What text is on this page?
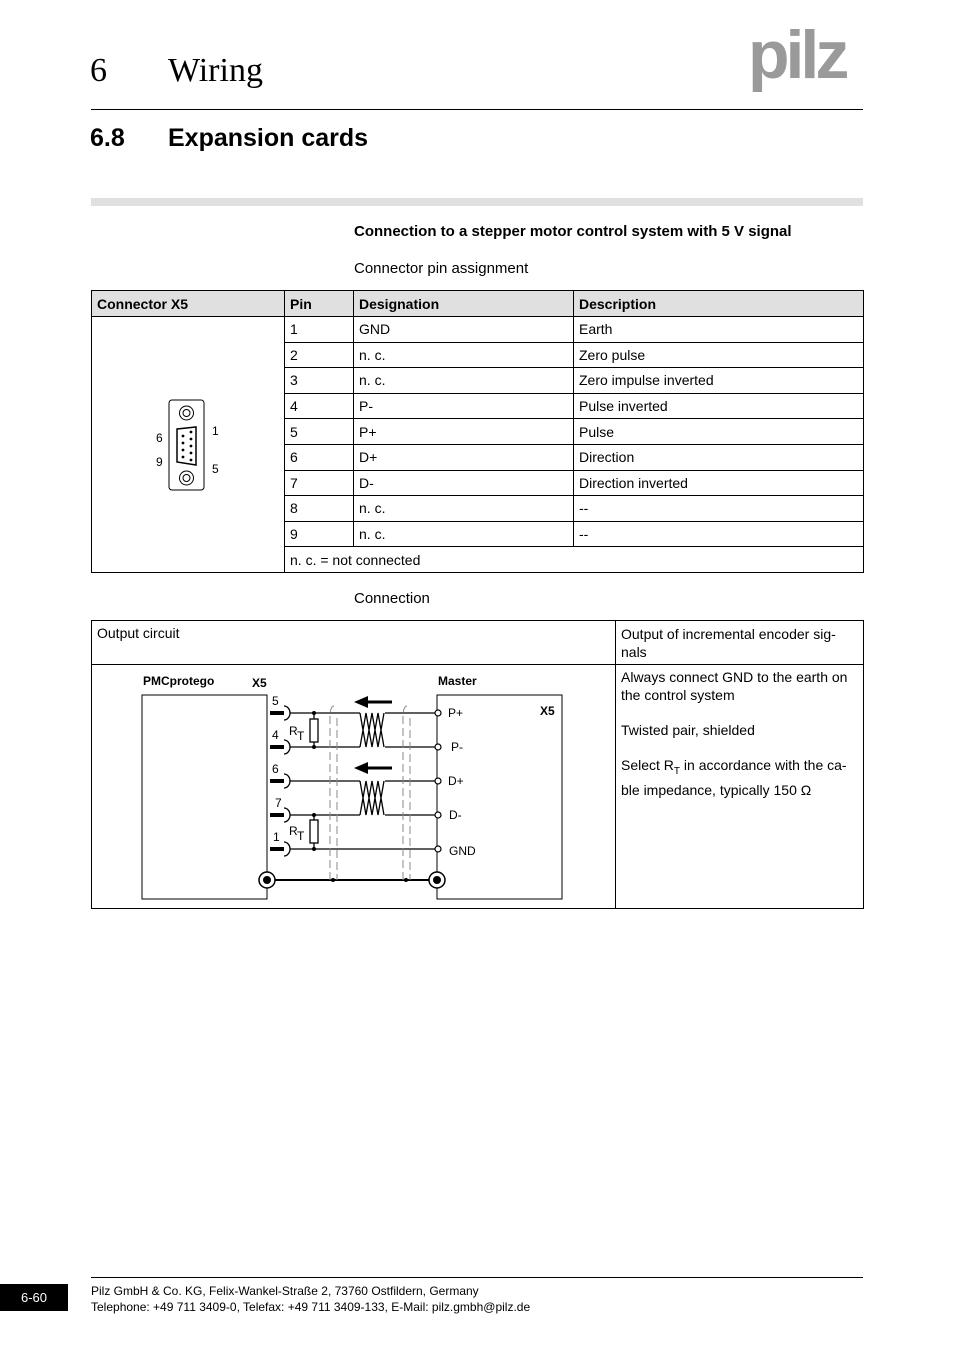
6 Wiring	pilz
6.8 Expansion cards
Connection to a stepper motor control system with 5 V signal
Connector pin assignment
Connector X5	Pin	Designation	Description

6
9
1
5	1	GND	Earth
	2	n. c.	Zero pulse
	3	n. c.	Zero impulse inverted
	4	P-	Pulse inverted
	5	P+	Pulse
	6	D+	Direction
	7	D-	Direction inverted
	8	n. c.	--
	9	n. c.	--
	n. c. = not connected		
Connection
Output circuit	Output of incremental encoder sig-nals
Always connect GND to the earth on the control system
Twisted pair, shielded
Select $R_T$ in accordance with the ca-ble impedance, typically 150 Ω
PMCprotego	X5	Master
X5
5
4
6
7
1
P+
P-
D+
D-
GND
R T
R T
6-60	Pilz GmbH & Co. KG, Felix-Wankel-Straße 2, 73760 Ostfildern, Germany
Telephone: +49 711 3409-0, Telefax: +49 711 3409-133, E-Mail: pilz.gmbh@pilz.de
